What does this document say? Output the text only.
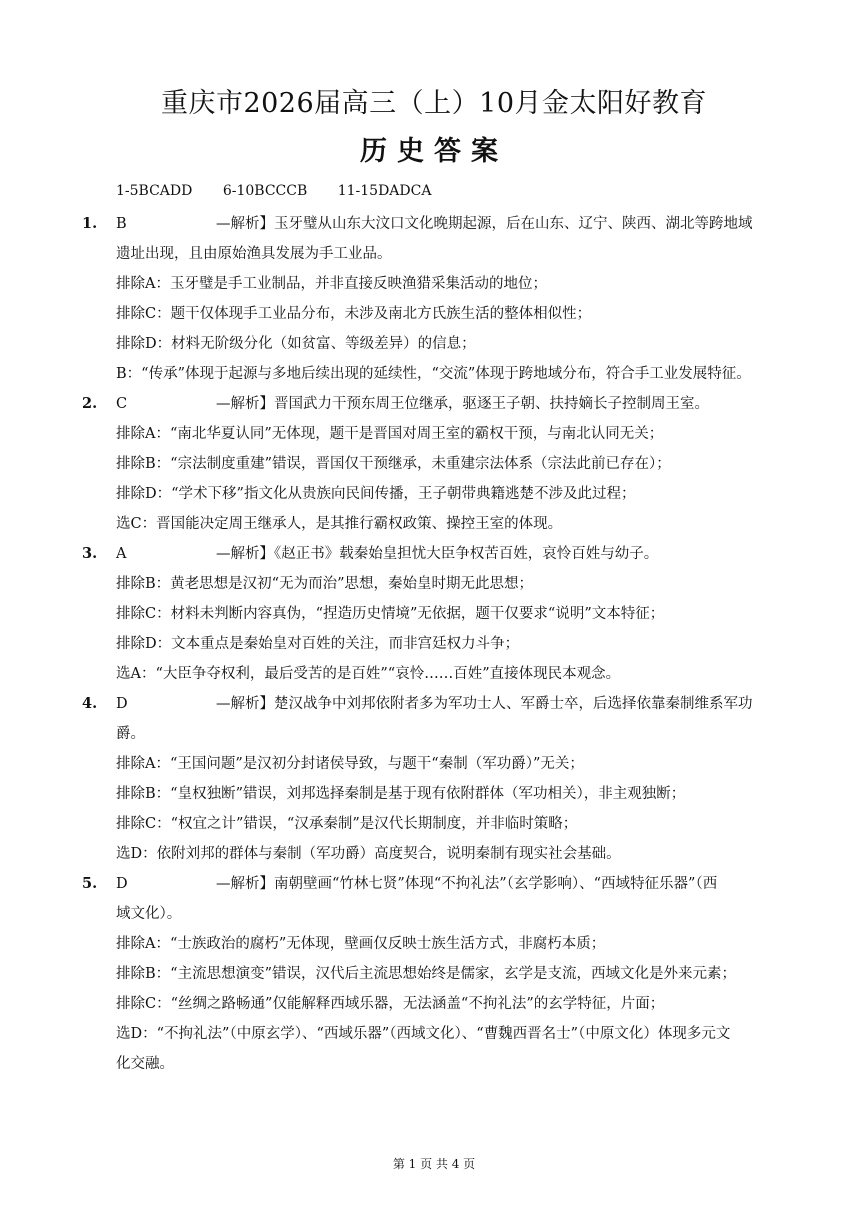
重庆市2026届高三（上）10月金太阳好教育
历史答案
1-5BCADD 6-10BCCCB 11-15DADCA
1. B	—解析】玉牙璧从山东大汶口文化晚期起源，后在山东、辽宁、陕西、湖北等跨地域
遗址出现，且由原始渔具发展为手工业品。
排除A：玉牙璧是手工业制品，并非直接反映渔猎采集活动的地位；
排除C：题干仅体现手工业品分布，未涉及南北方氏族生活的整体相似性；
排除D：材料无阶级分化（如贫富、等级差异）的信息；
B：“传承”体现于起源与多地后续出现的延续性，“交流”体现于跨地域分布，符合手工业发展特征。
2. C	—解析】晋国武力干预东周王位继承，驱逐王子朝、扶持嫡长子控制周王室。
排除A：“南北华夏认同”无体现，题干是晋国对周王室的霸权干预，与南北认同无关；
排除B：“宗法制度重建”错误，晋国仅干预继承，未重建宗法体系（宗法此前已存在）；
排除D：“学术下移”指文化从贵族向民间传播，王子朝带典籍逃楚不涉及此过程；
选C：晋国能决定周王继承人，是其推行霸权政策、操控王室的体现。
3. A	—解析】《赵正书》载秦始皇担忧大臣争权苦百姓，哀怜百姓与幼子。
排除B：黄老思想是汉初“无为而治”思想，秦始皇时期无此思想；
排除C：材料未判断内容真伪，“捏造历史情境”无依据，题干仅要求“说明”文本特征；
排除D：文本重点是秦始皇对百姓的关注，而非宫廷权力斗争；
选A：“大臣争夺权利，最后受苦的是百姓”“哀怜……百姓”直接体现民本观念。
4. D	—解析】楚汉战争中刘邦依附者多为军功士人、军爵士卒，后选择依靠秦制维系军功
爵。
排除A：“王国问题”是汉初分封诸侯导致，与题干“秦制（军功爵）”无关；
排除B：“皇权独断”错误，刘邦选择秦制是基于现有依附群体（军功相关），非主观独断；
排除C：“权宜之计”错误，“汉承秦制”是汉代长期制度，并非临时策略；
选D：依附刘邦的群体与秦制（军功爵）高度契合，说明秦制有现实社会基础。
5. D	—解析】南朝壁画“竹林七贤”体现“不拘礼法”（玄学影响）、“西域特征乐器”（西
域文化）。
排除A：“士族政治的腐朽”无体现，壁画仅反映士族生活方式，非腐朽本质；
排除B：“主流思想演变”错误，汉代后主流思想始终是儒家，玄学是支流，西域文化是外来元素；
排除C：“丝绸之路畅通”仅能解释西域乐器，无法涵盖“不拘礼法”的玄学特征，片面；
选D：“不拘礼法”（中原玄学）、“西域乐器”（西域文化）、“曹魏西晋名士”（中原文化）体现多元文
化交融。
第 1 页 共 4 页
